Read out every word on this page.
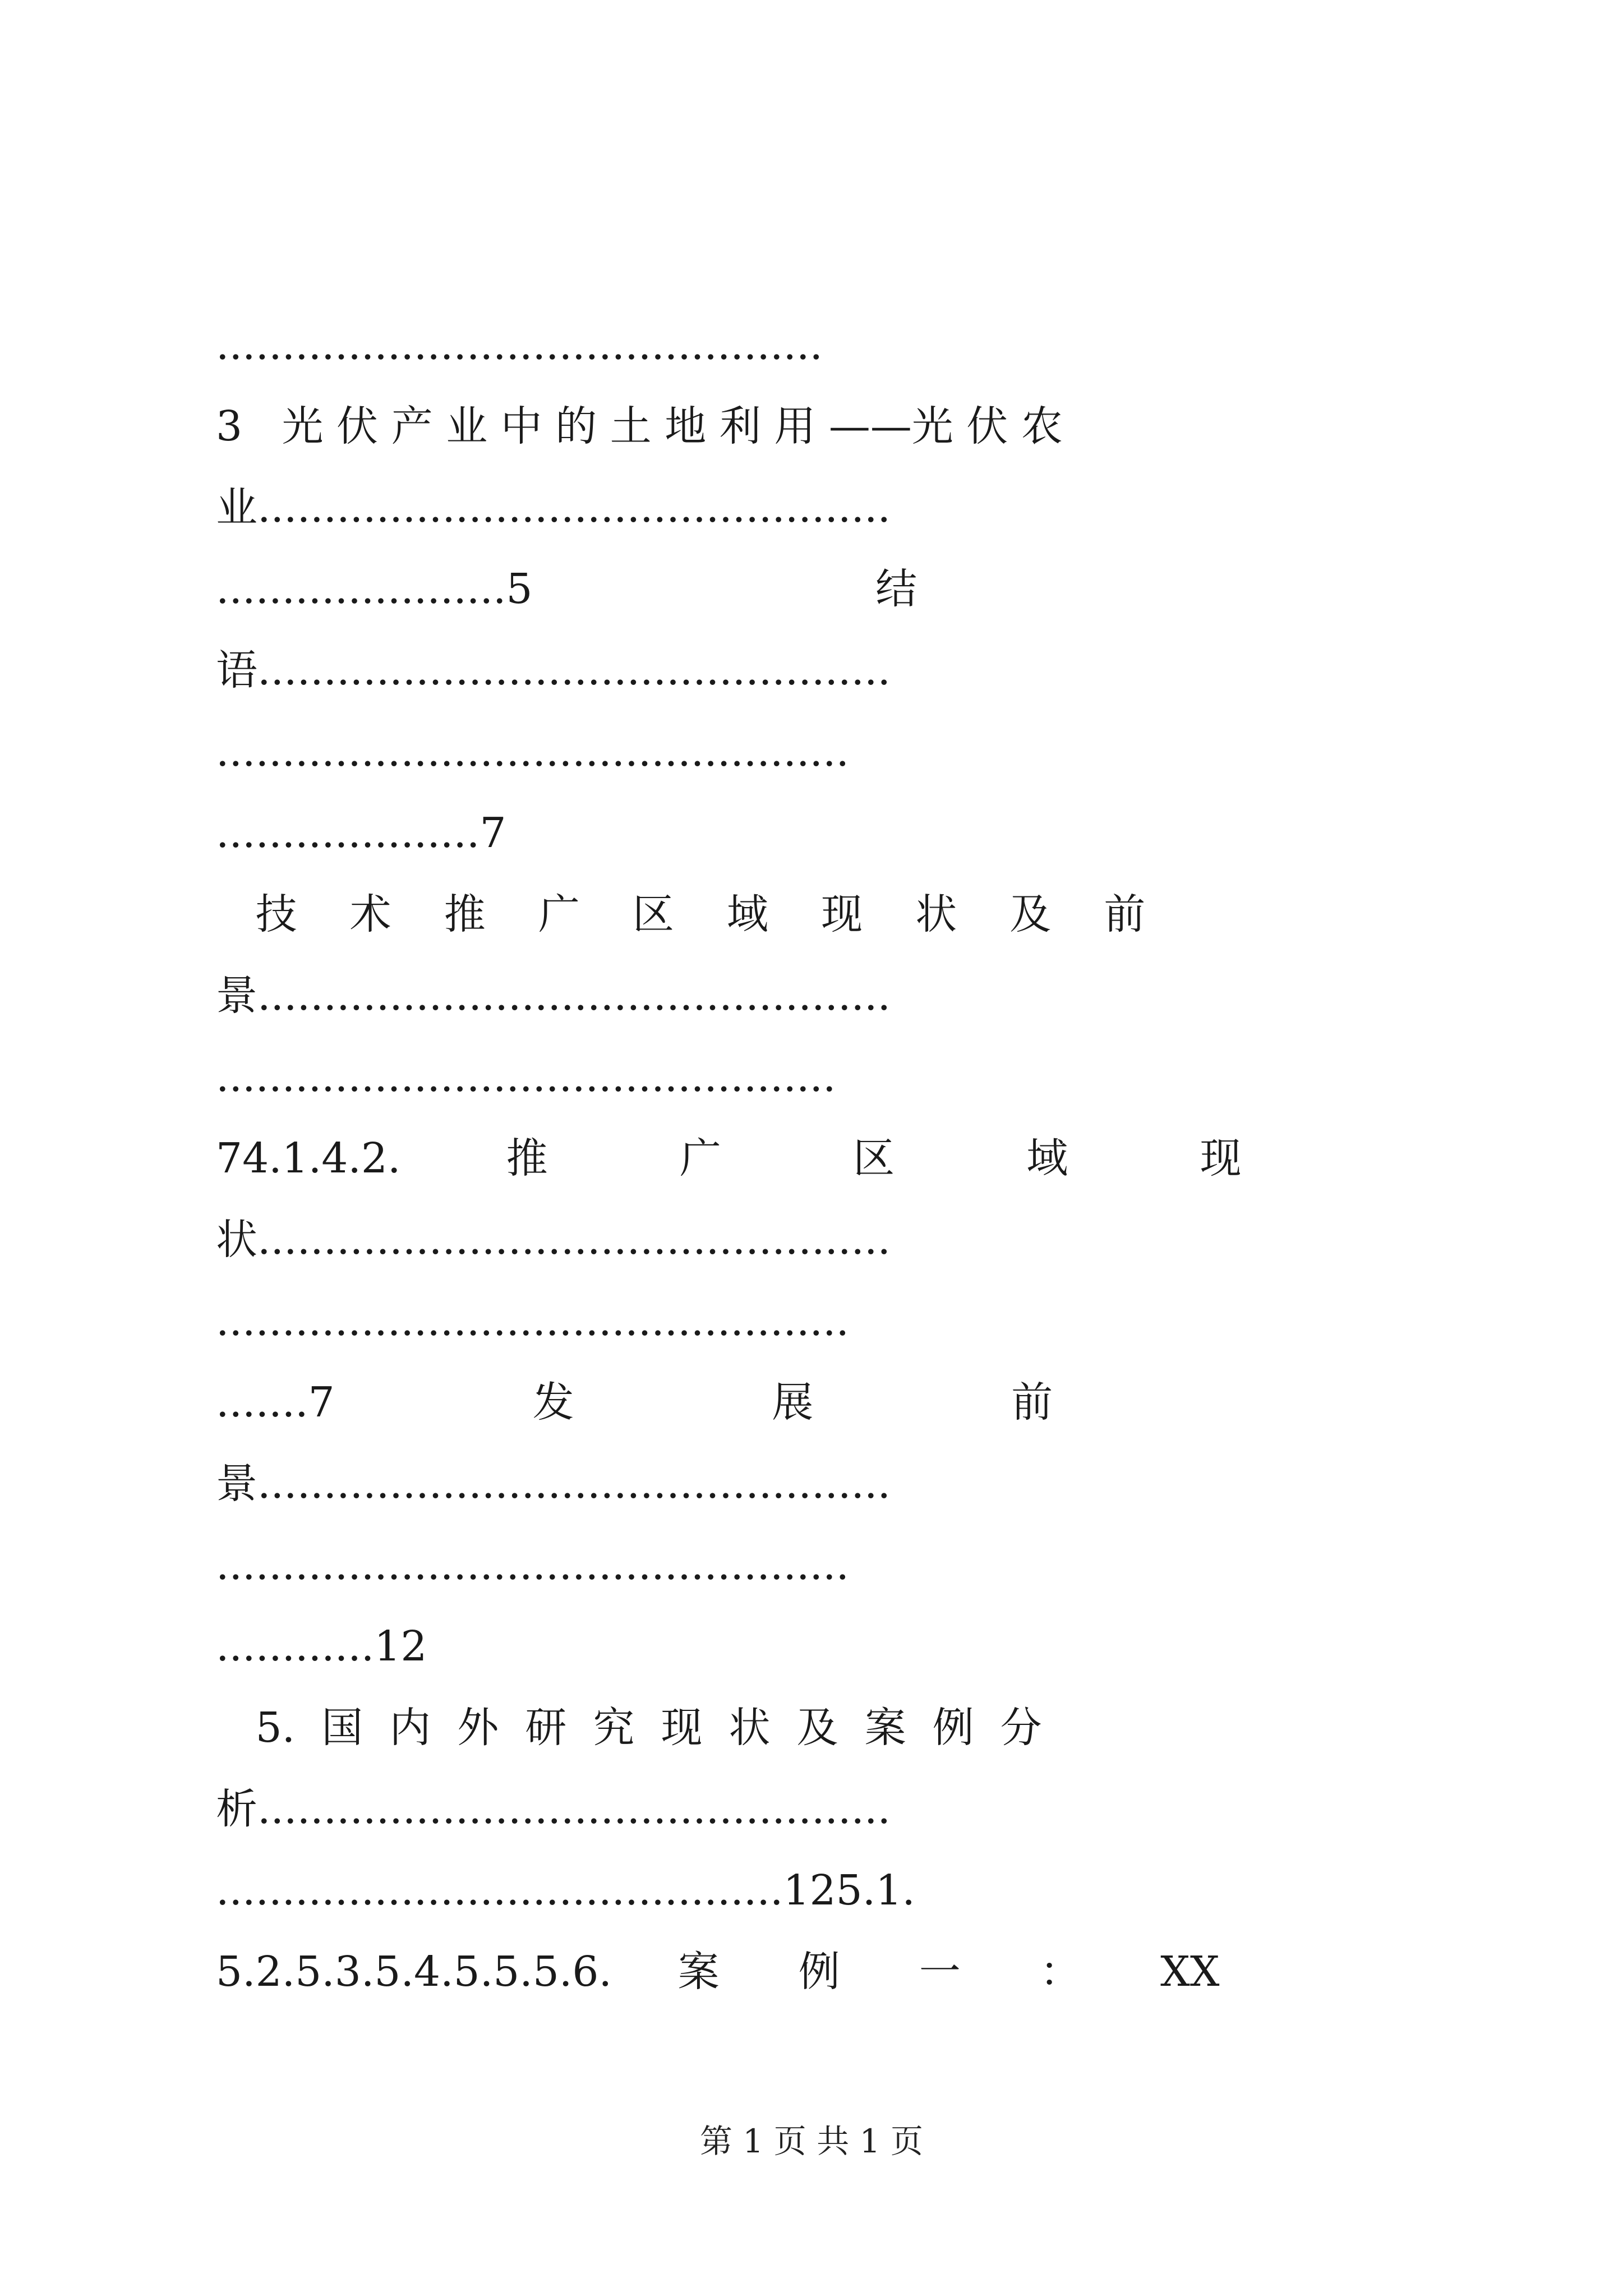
..............................................
3   光 伏 产 业 中 的 土 地 利 用 ——光 伏 农
业................................................
......................5                          结
语................................................
................................................
....................7
技    术    推    广    区    域    现    状    及    前
景................................................
...............................................
74.1.4.2.        推          广          区          域          现
状................................................
................................................
.......7               发               展               前
景................................................
................................................
............12
5.  国  内  外  研  究  现  状  及  案  例  分
析................................................
...........................................125.1.
5.2.5.3.5.4.5.5.5.6.     案      例      一      ：      XX
第 1 页 共 1 页
